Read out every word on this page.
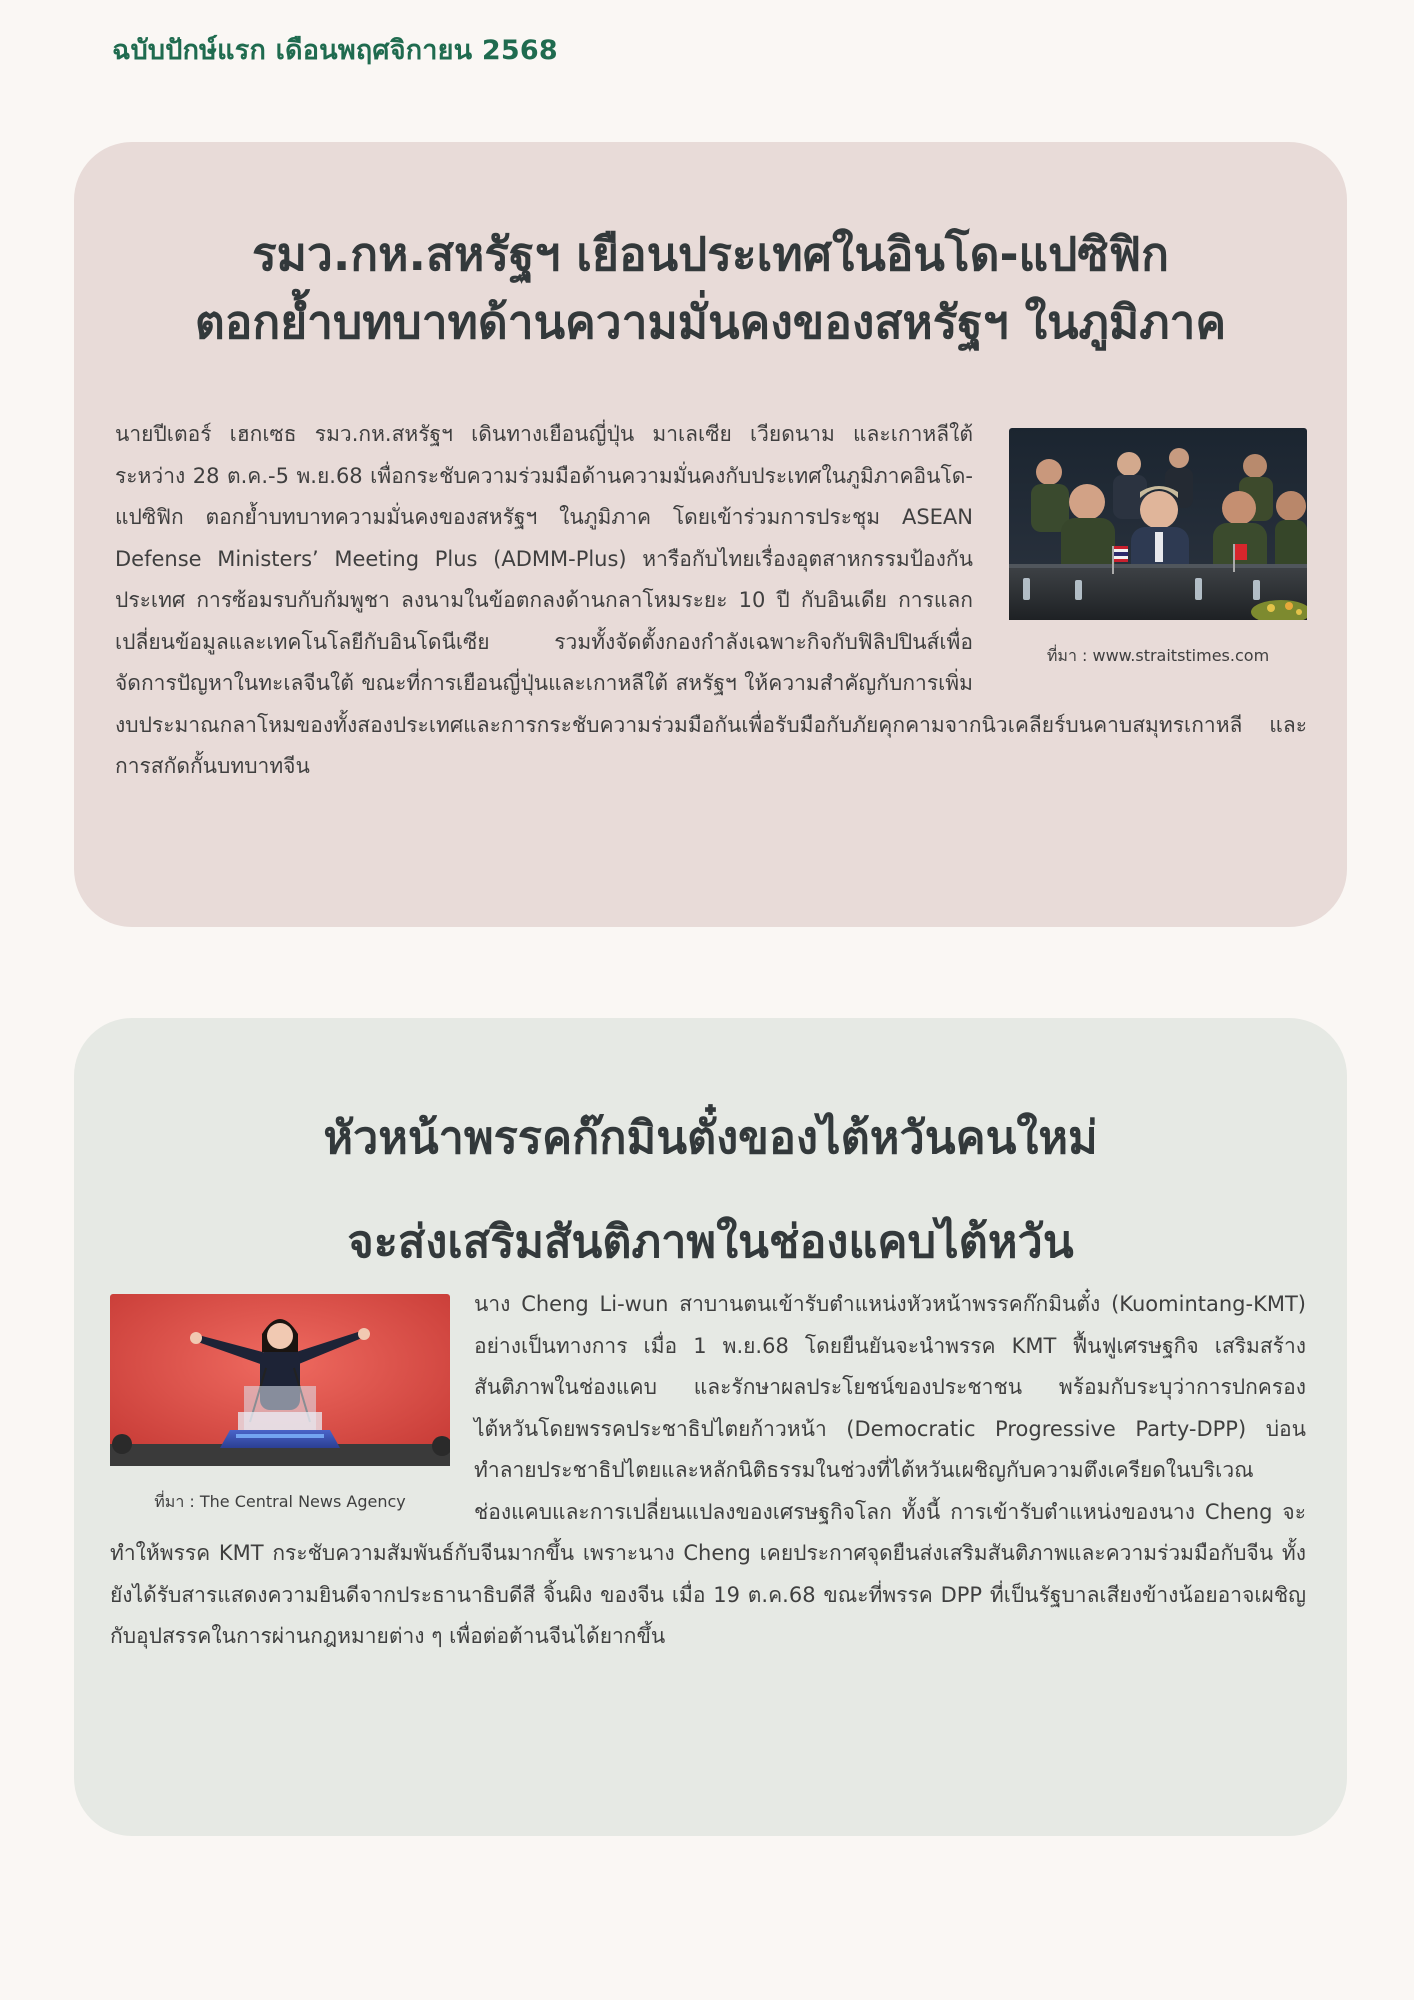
ฉบับปักษ์แรก เดือนพฤศจิกายน 2568
รมว.กห.สหรัฐฯ เยือนประเทศในอินโด-แปซิฟิก
ตอกย้ำบทบาทด้านความมั่นคงของสหรัฐฯ ในภูมิภาค
ที่มา : www.straitstimes.com
นายปีเตอร์ เฮกเซธ รมว.กห.สหรัฐฯ เดินทางเยือนญี่ปุ่น มาเลเซีย เวียดนาม และเกาหลีใต้ ระหว่าง 28 ต.ค.-5 พ.ย.68 เพื่อกระชับความร่วมมือด้านความมั่นคงกับประเทศในภูมิภาคอินโด-แปซิฟิก ตอกย้ำบทบาทความมั่นคงของสหรัฐฯ ในภูมิภาค โดยเข้าร่วมการประชุม ASEAN Defense Ministers’ Meeting Plus (ADMM-Plus) หารือกับไทยเรื่องอุตสาหกรรมป้องกันประเทศ การซ้อมรบกับกัมพูชา ลงนามในข้อตกลงด้านกลาโหมระยะ 10 ปี กับอินเดีย การแลกเปลี่ยนข้อมูลและเทคโนโลยีกับอินโดนีเซีย รวมทั้งจัดตั้งกองกำลังเฉพาะกิจกับฟิลิปปินส์เพื่อจัดการปัญหาในทะเลจีนใต้ ขณะที่การเยือนญี่ปุ่นและเกาหลีใต้ สหรัฐฯ ให้ความสำคัญกับการเพิ่มงบประมาณกลาโหมของทั้งสองประเทศและการกระชับความร่วมมือกันเพื่อรับมือกับภัยคุกคามจากนิวเคลียร์บนคาบสมุทรเกาหลี และการสกัดกั้นบทบาทจีน
หัวหน้าพรรคก๊กมินตั๋งของไต้หวันคนใหม่
จะส่งเสริมสันติภาพในช่องแคบไต้หวัน
ที่มา : The Central News Agency
นาง Cheng Li-wun สาบานตนเข้ารับตำแหน่งหัวหน้าพรรคก๊กมินตั๋ง (Kuomintang-KMT) อย่างเป็นทางการ เมื่อ 1 พ.ย.68 โดยยืนยันจะนำพรรค KMT ฟื้นฟูเศรษฐกิจ เสริมสร้างสันติภาพในช่องแคบ และรักษาผลประโยชน์ของประชาชน พร้อมกับระบุว่าการปกครองไต้หวันโดยพรรคประชาธิปไตยก้าวหน้า (Democratic Progressive Party-DPP) บ่อนทำลายประชาธิปไตยและหลักนิติธรรมในช่วงที่ไต้หวันเผชิญกับความตึงเครียดในบริเวณช่องแคบและการเปลี่ยนแปลงของเศรษฐกิจโลก ทั้งนี้ การเข้ารับตำแหน่งของนาง Cheng จะทำให้พรรค KMT กระชับความสัมพันธ์กับจีนมากขึ้น เพราะนาง Cheng เคยประกาศจุดยืนส่งเสริมสันติภาพและความร่วมมือกับจีน ทั้งยังได้รับสารแสดงความยินดีจากประธานาธิบดีสี จิ้นผิง ของจีน เมื่อ 19 ต.ค.68 ขณะที่พรรค DPP ที่เป็นรัฐบาลเสียงข้างน้อยอาจเผชิญกับอุปสรรคในการผ่านกฎหมายต่าง ๆ เพื่อต่อต้านจีนได้ยากขึ้น
